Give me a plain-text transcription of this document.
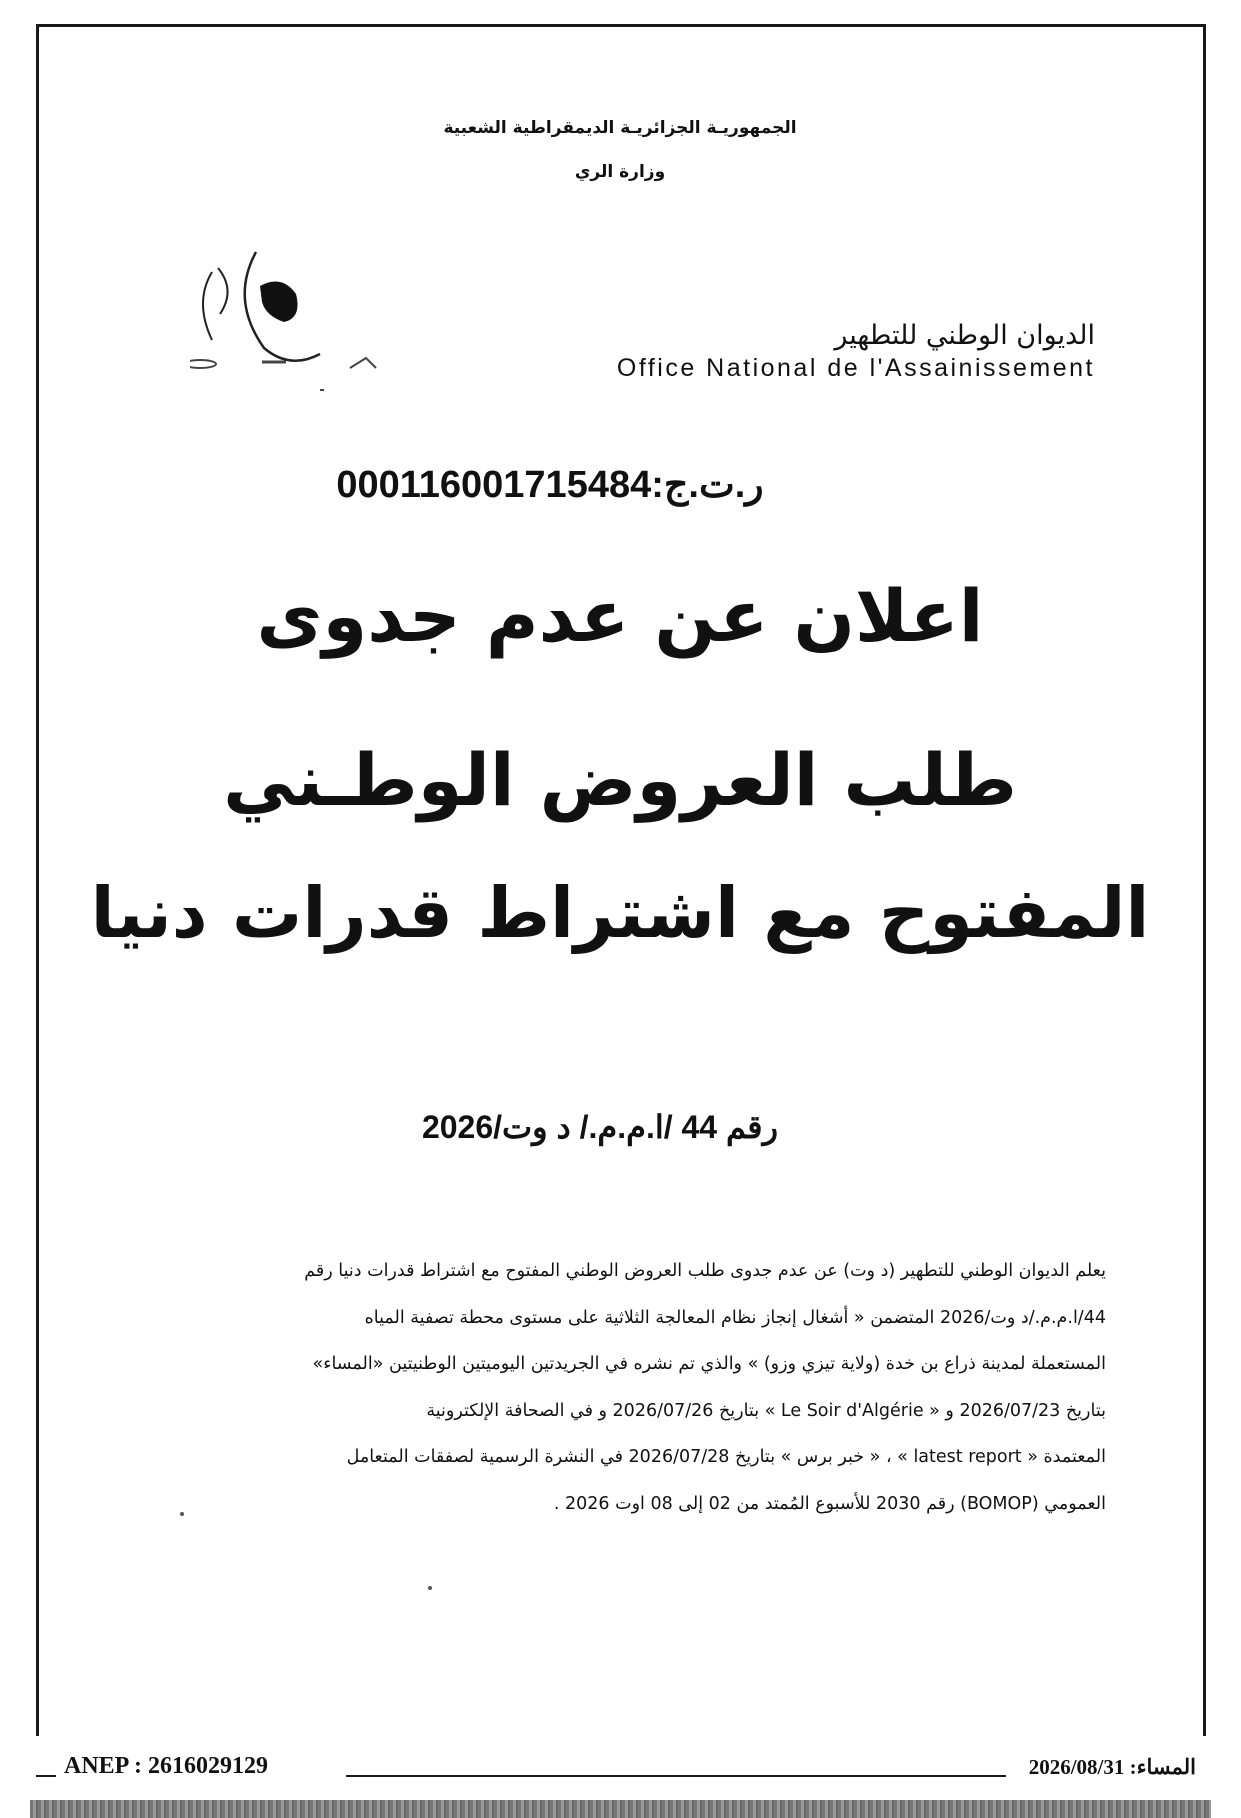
الجمهوريـة الجزائريـة الديمقراطية الشعبية
وزارة الري
الديوان الوطني للتطهير
Office National de l'Assainissement
ر.ت.ج:000116001715484
اعلان عن عدم جدوى
طلب العروض الوطـني
المفتوح مع اشتراط قدرات دنيا
رقم 44 /ا.م.م./ د وت/2026

يعلم الديوان الوطني للتطهير (د وت) عن عدم جدوى طلب العروض الوطني المفتوح مع اشتراط قدرات دنيا رقم

44/ا.م.م./د وت/2026 المتضمن « أشغال إنجاز نظام المعالجة الثلاثية على مستوى محطة تصفية المياه

المستعملة لمدينة ذراع بن خدة (ولاية تيزي وزو) » والذي تم نشره في الجريدتين اليوميتين الوطنيتين «المساء»

بتاريخ 2026/07/23 و « Le Soir d'Algérie » بتاريخ 2026/07/26 و في الصحافة الإلكترونية

المعتمدة « latest report » ، « خبر برس » بتاريخ 2026/07/28 في النشرة الرسمية لصفقات المتعامل

العمومي (BOMOP) رقم 2030 للأسبوع المُمتد من 02 إلى 08 اوت 2026 .

ANEP : 2616029129	المساء: 2026/08/31
